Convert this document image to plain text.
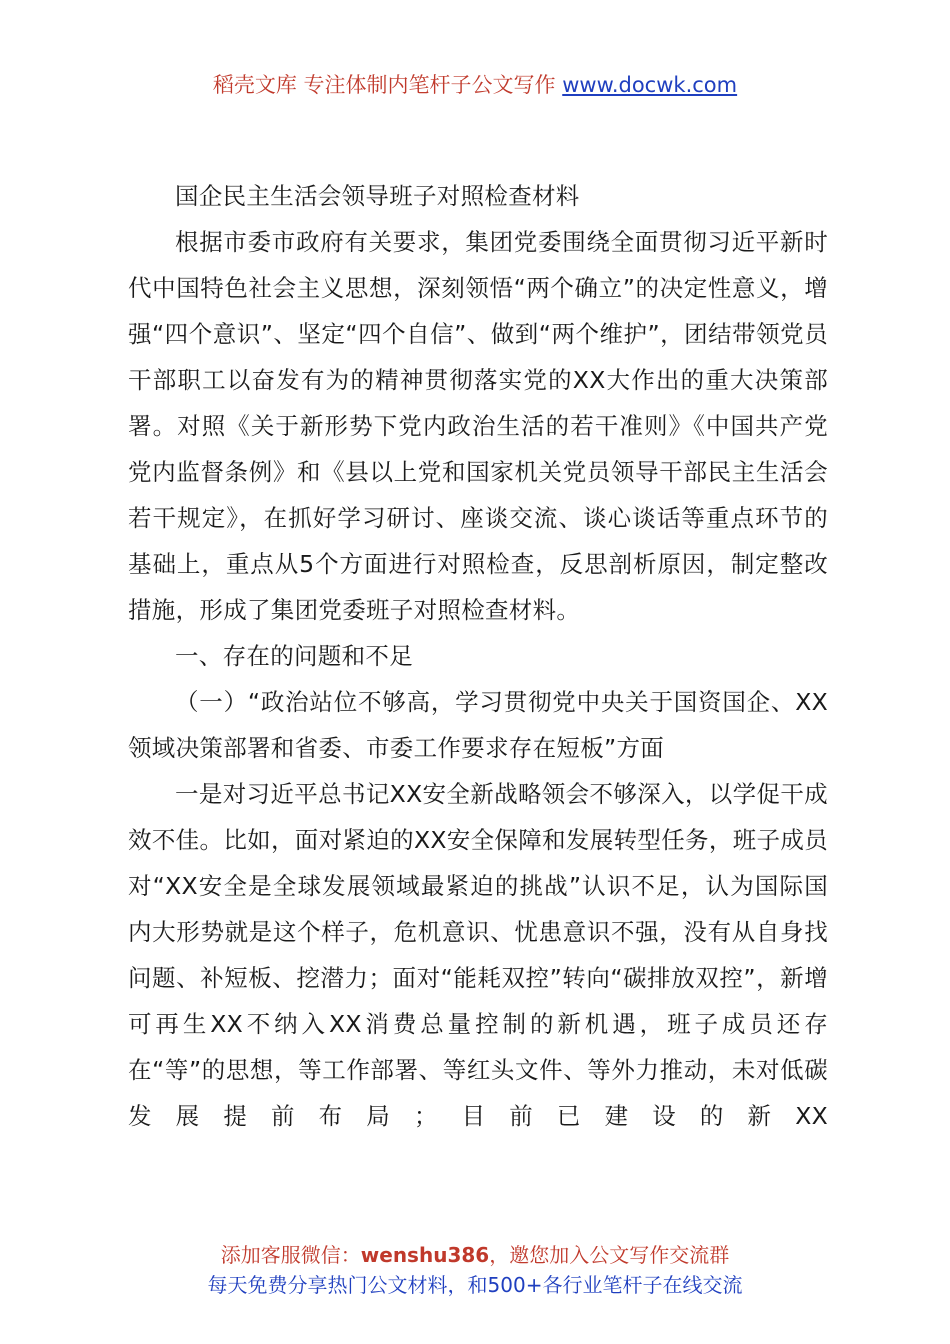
稻壳文库 专注体制内笔杆子公文写作 www.docwk.com

国企民主生活会领导班子对照检查材料

根据市委市政府有关要求，集团党委围绕全面贯彻习近平新时代中国特色社会主义思想，深刻领悟“两个确立”的决定性意义，增强“四个意识”、坚定“四个自信”、做到“两个维护”，团结带领党员干部职工以奋发有为的精神贯彻落实党的XX大作出的重大决策部署。对照《关于新形势下党内政治生活的若干准则》《中国共产党党内监督条例》和《县以上党和国家机关党员领导干部民主生活会若干规定》，在抓好学习研讨、座谈交流、谈心谈话等重点环节的基础上，重点从5个方面进行对照检查，反思剖析原因，制定整改措施，形成了集团党委班子对照检查材料。

一、存在的问题和不足

（一）“政治站位不够高，学习贯彻党中央关于国资国企、XX领域决策部署和省委、市委工作要求存在短板”方面

一是对习近平总书记XX安全新战略领会不够深入，以学促干成效不佳。比如，面对紧迫的XX安全保障和发展转型任务，班子成员对“XX安全是全球发展领域最紧迫的挑战”认识不足，认为国际国内大形势就是这个样子，危机意识、忧患意识不强，没有从自身找问题、补短板、挖潜力；面对“能耗双控”转向“碳排放双控”，新增可再生XX不纳入XX消费总量控制的新机遇，班子成员还存在“等”的思想，等工作部署、等红头文件、等外力推动，未对低碳发展提前布局；目前已建设的新XX

添加客服微信：wenshu386，邀您加入公文写作交流群
每天免费分享热门公文材料，和500+各行业笔杆子在线交流
